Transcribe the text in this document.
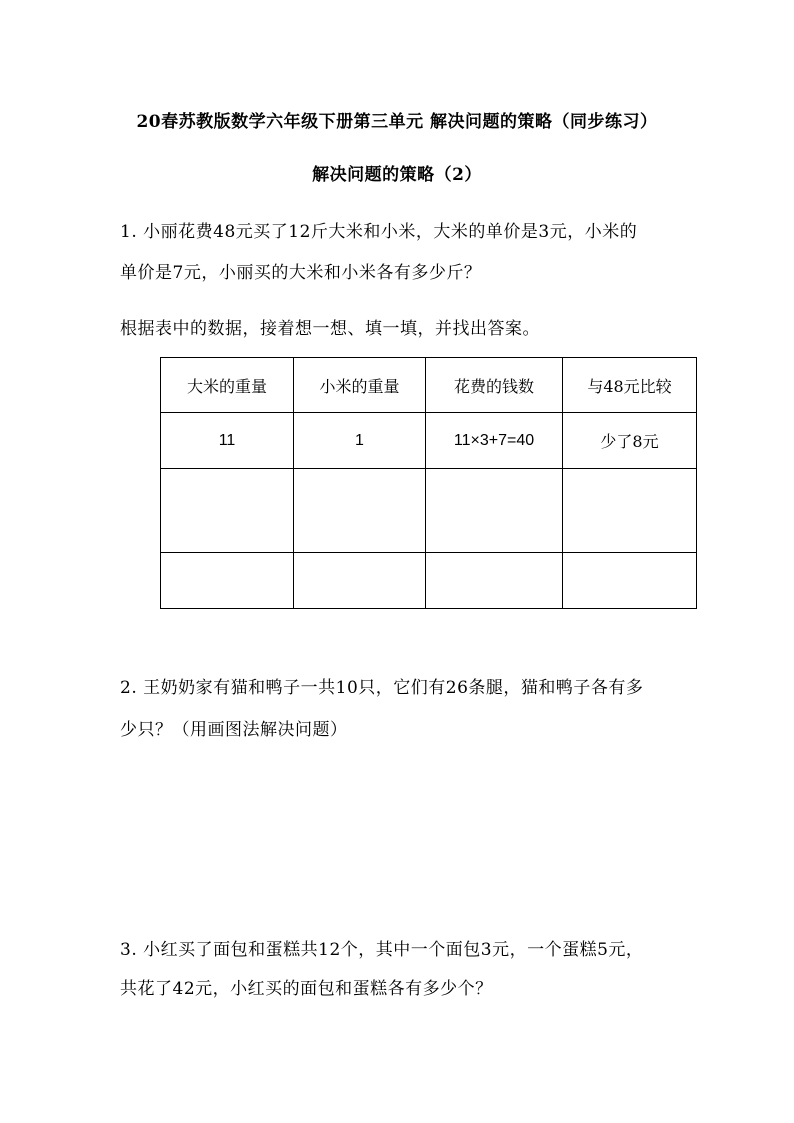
20春苏教版数学六年级下册第三单元 解决问题的策略（同步练习）
解决问题的策略（2）
1. 小丽花费48元买了12斤大米和小米，大米的单价是3元，小米的
单价是7元，小丽买的大米和小米各有多少斤？
根据表中的数据，接着想一想、填一填，并找出答案。
大米的重量	小米的重量	花费的钱数	与48元比较
11	1	11×3+7=40	少了8元

2. 王奶奶家有猫和鸭子一共10只，它们有26条腿，猫和鸭子各有多
少只？（用画图法解决问题）
3. 小红买了面包和蛋糕共12个，其中一个面包3元，一个蛋糕5元，
共花了42元，小红买的面包和蛋糕各有多少个？
